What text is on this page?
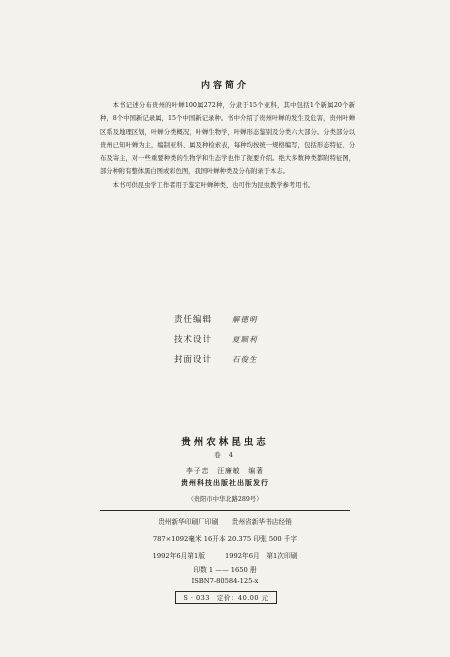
内容简介

本书记述分布贵州的叶蝉100属272种，分隶于15个亚科，其中包括1个新属20个新种，8个中国新记录属，15个中国新记录种。书中介绍了贵州叶蝉的发生及危害，贵州叶蝉区系及地理区划，叶蝉分类概况，叶蝉生物学，叶蝉形态鉴别及分类六大部分。分类部分以贵州已知叶蝉为主，编制亚科、属及种检索表，每种均按统一规格编写，包括形态特征、分布及寄主，对一些重要种类的生物学和生态学也作了扼要介绍。绝大多数种类都附特征图，部分种附有整体黑白图或彩色图，我国叶蝉种类及分布附录于本志。

本书可供昆虫学工作者用于鉴定叶蝉种类，也可作为昆虫教学参考用书。

责任编辑	解德明
技术设计	夏顺利
封面设计	石俊生
贵州农林昆虫志
卷 4
李子忠　汪廉敏　编著
贵州科技出版社出版发行
（贵阳市中华北路289号）
贵州新华印刷厂印刷　　贵州省新华书店经销
787×1092毫米 16开本 20.375 印张 500 千字
1992年6月第1版　　　1992年6月　第1次印刷
印数 1 —— 1650 册
ISBN7-80584-125-x
S · 033　定价：40.00 元
